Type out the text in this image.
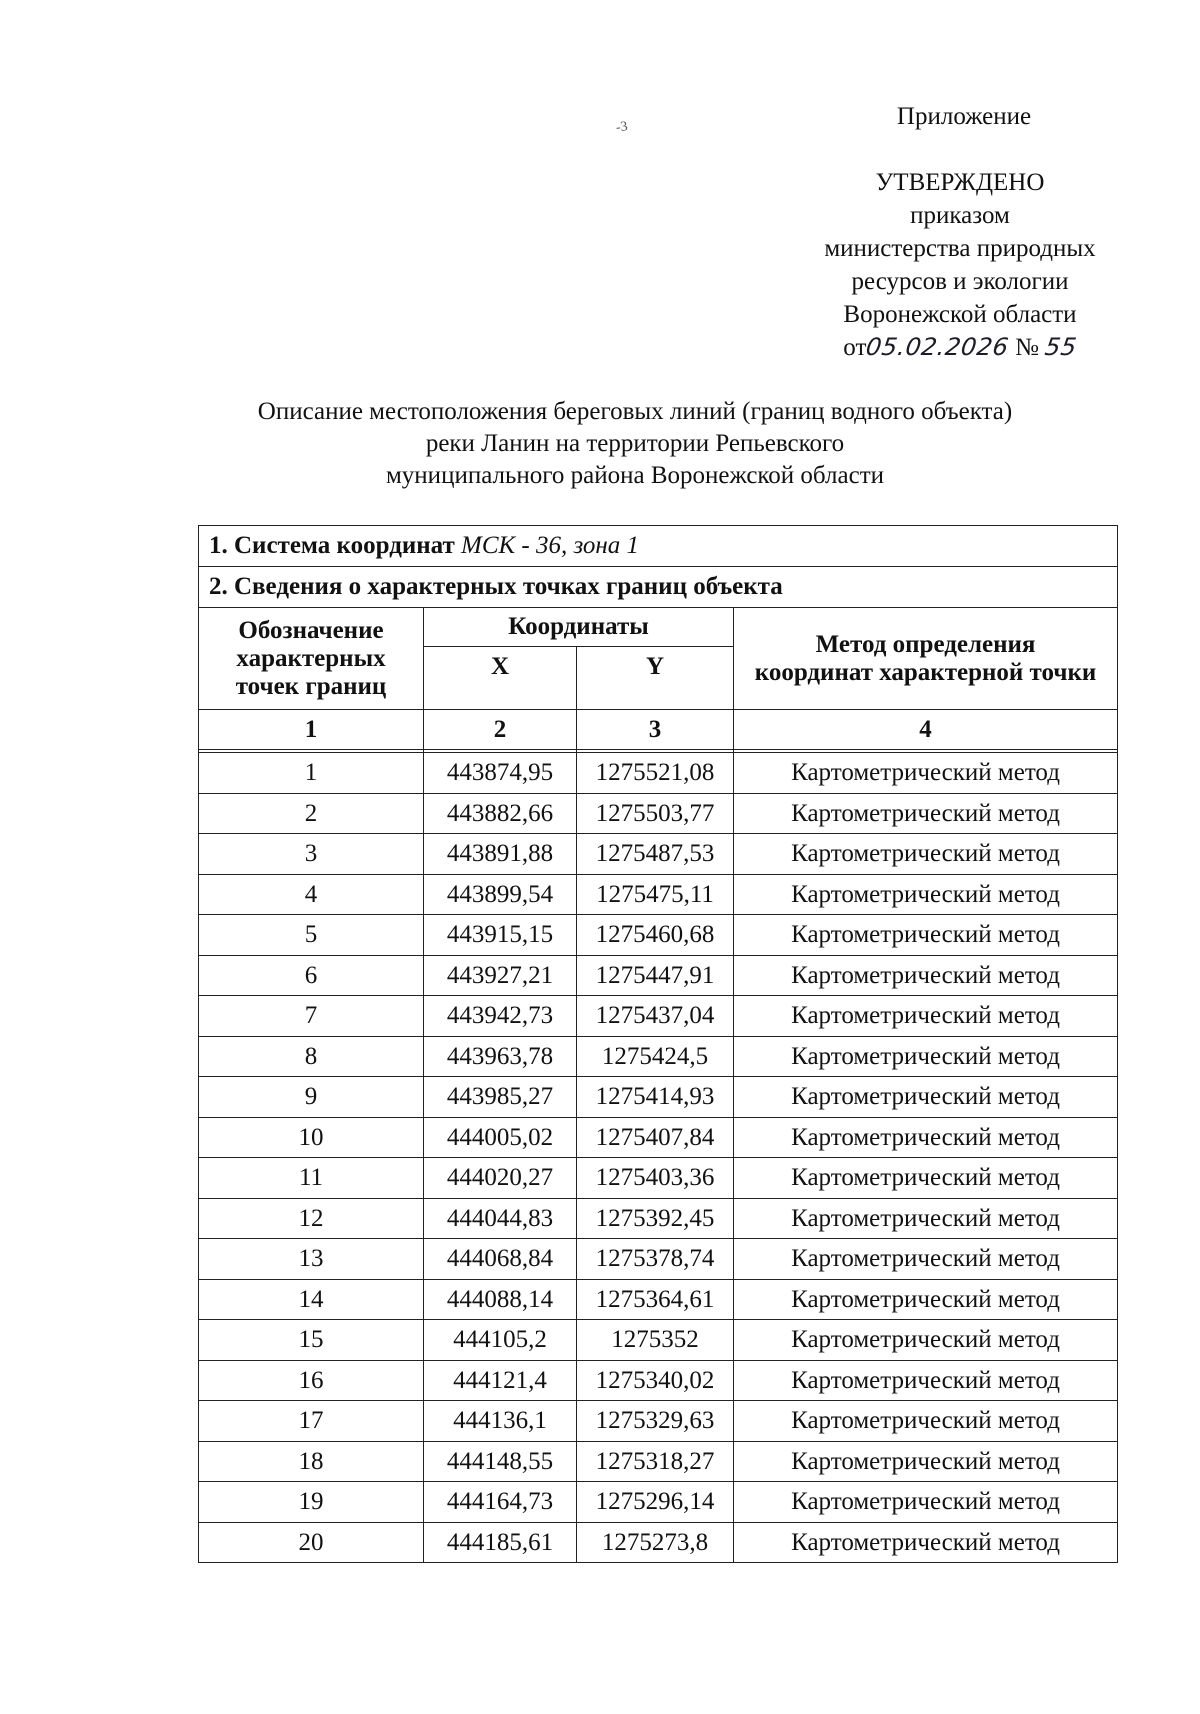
-3	Приложение
УТВЕРЖДЕНО
приказом
министерства природных
ресурсов и экологии
Воронежской области
от05.02.2026 № 55
Описание местоположения береговых линий (границ водного объекта)
реки Ланин на территории Репьевского
муниципального района Воронежской области
1. Система координат МСК - 36, зона 1			
2. Сведения о характерных точках границ объекта			
Обозначение характерных точек границ	Координаты		Метод определения координат характерной точки
	X	Y	
1	2	3	4

1	443874,95	1275521,08	Картометрический метод
2	443882,66	1275503,77	Картометрический метод
3	443891,88	1275487,53	Картометрический метод
4	443899,54	1275475,11	Картометрический метод
5	443915,15	1275460,68	Картометрический метод
6	443927,21	1275447,91	Картометрический метод
7	443942,73	1275437,04	Картометрический метод
8	443963,78	1275424,5	Картометрический метод
9	443985,27	1275414,93	Картометрический метод
10	444005,02	1275407,84	Картометрический метод
11	444020,27	1275403,36	Картометрический метод
12	444044,83	1275392,45	Картометрический метод
13	444068,84	1275378,74	Картометрический метод
14	444088,14	1275364,61	Картометрический метод
15	444105,2	1275352	Картометрический метод
16	444121,4	1275340,02	Картометрический метод
17	444136,1	1275329,63	Картометрический метод
18	444148,55	1275318,27	Картометрический метод
19	444164,73	1275296,14	Картометрический метод
20	444185,61	1275273,8	Картометрический метод
